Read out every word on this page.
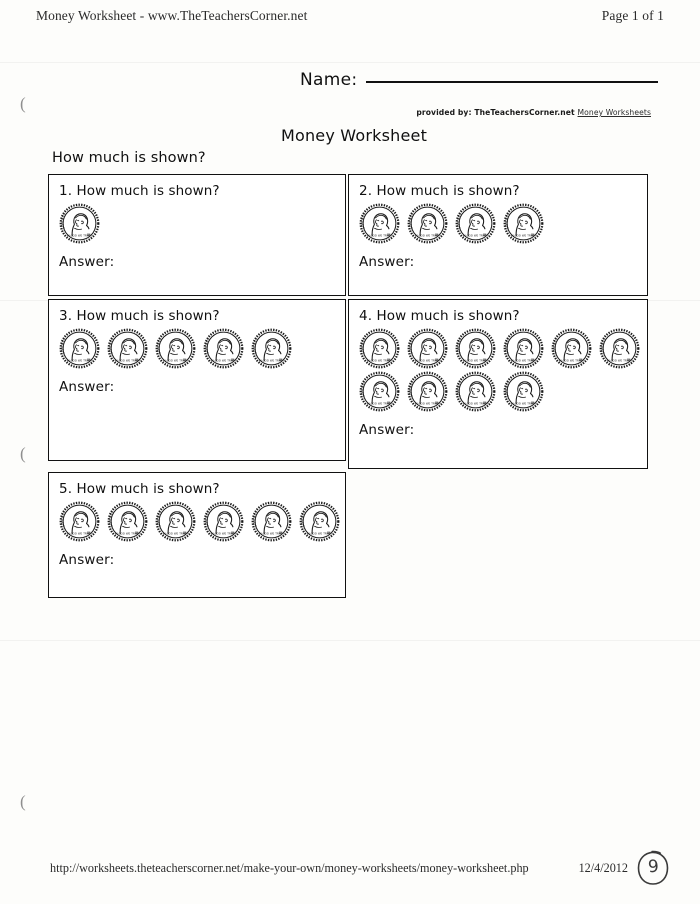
Money Worksheet - www.TheTeachersCorner.net	Page 1 of 1
(
(
(
Name:
provided by: TheTeachersCorner.net Money Worksheets
Money Worksheet
How much is shown?
1. How much is shown?
LIBERTY
IN GOD WE TRUST
Answer:
2. How much is shown?
LIBERTY
IN GOD WE TRUST
LIBERTY
IN GOD WE TRUST
LIBERTY
IN GOD WE TRUST
LIBERTY
IN GOD WE TRUST
Answer:
3. How much is shown?
LIBERTY
IN GOD WE TRUST
LIBERTY
IN GOD WE TRUST
LIBERTY
IN GOD WE TRUST
LIBERTY
IN GOD WE TRUST
LIBERTY
IN GOD WE TRUST
Answer:
4. How much is shown?
LIBERTY
IN GOD WE TRUST
LIBERTY
IN GOD WE TRUST
LIBERTY
IN GOD WE TRUST
LIBERTY
IN GOD WE TRUST
LIBERTY
IN GOD WE TRUST
LIBERTY
IN GOD WE TRUST
LIBERTY
IN GOD WE TRUST
LIBERTY
IN GOD WE TRUST
LIBERTY
IN GOD WE TRUST
LIBERTY
IN GOD WE TRUST
Answer:
5. How much is shown?
LIBERTY
IN GOD WE TRUST
LIBERTY
IN GOD WE TRUST
LIBERTY
IN GOD WE TRUST
LIBERTY
IN GOD WE TRUST
LIBERTY
IN GOD WE TRUST
LIBERTY
IN GOD WE TRUST
Answer:
http://worksheets.theteacherscorner.net/make-your-own/money-worksheets/money-worksheet.php	12/4/2012 9
